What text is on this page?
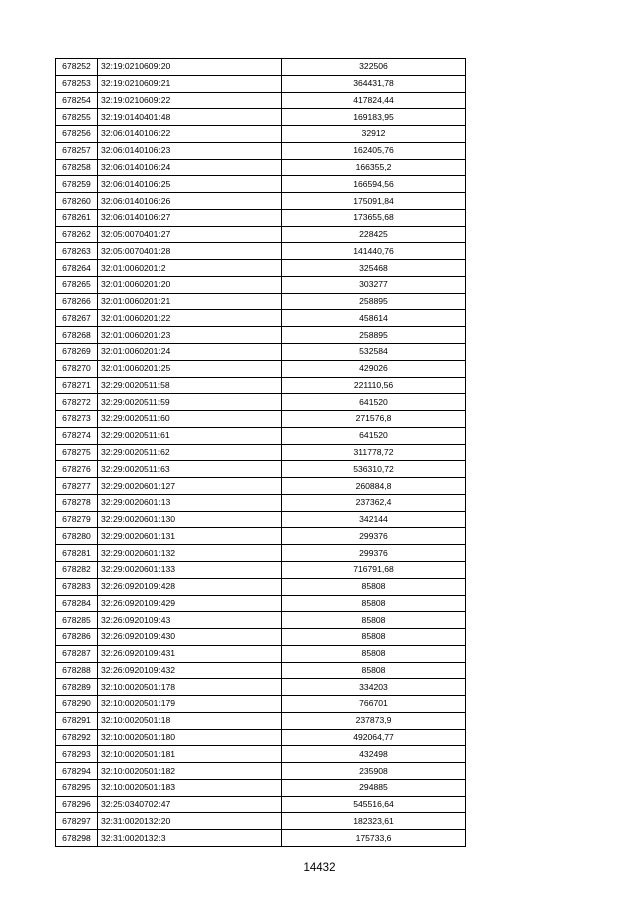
678252	32:19:0210609:20	322506
678253	32:19:0210609:21	364431,78
678254	32:19:0210609:22	417824,44
678255	32:19:0140401:48	169183,95
678256	32:06:0140106:22	32912
678257	32:06:0140106:23	162405,76
678258	32:06:0140106:24	166355,2
678259	32:06:0140106:25	166594,56
678260	32:06:0140106:26	175091,84
678261	32:06:0140106:27	173655,68
678262	32:05:0070401:27	228425
678263	32:05:0070401:28	141440,76
678264	32:01:0060201:2	325468
678265	32:01:0060201:20	303277
678266	32:01:0060201:21	258895
678267	32:01:0060201:22	458614
678268	32:01:0060201:23	258895
678269	32:01:0060201:24	532584
678270	32:01:0060201:25	429026
678271	32:29:0020511:58	221110,56
678272	32:29:0020511:59	641520
678273	32:29:0020511:60	271576,8
678274	32:29:0020511:61	641520
678275	32:29:0020511:62	311778,72
678276	32:29:0020511:63	536310,72
678277	32:29:0020601:127	260884,8
678278	32:29:0020601:13	237362,4
678279	32:29:0020601:130	342144
678280	32:29:0020601:131	299376
678281	32:29:0020601:132	299376
678282	32:29:0020601:133	716791,68
678283	32:26:0920109:428	85808
678284	32:26:0920109:429	85808
678285	32:26:0920109:43	85808
678286	32:26:0920109:430	85808
678287	32:26:0920109:431	85808
678288	32:26:0920109:432	85808
678289	32:10:0020501:178	334203
678290	32:10:0020501:179	766701
678291	32:10:0020501:18	237873,9
678292	32:10:0020501:180	492064,77
678293	32:10:0020501:181	432498
678294	32:10:0020501:182	235908
678295	32:10:0020501:183	294885
678296	32:25:0340702:47	545516,64
678297	32:31:0020132:20	182323,61
678298	32:31:0020132:3	175733,6
14432
